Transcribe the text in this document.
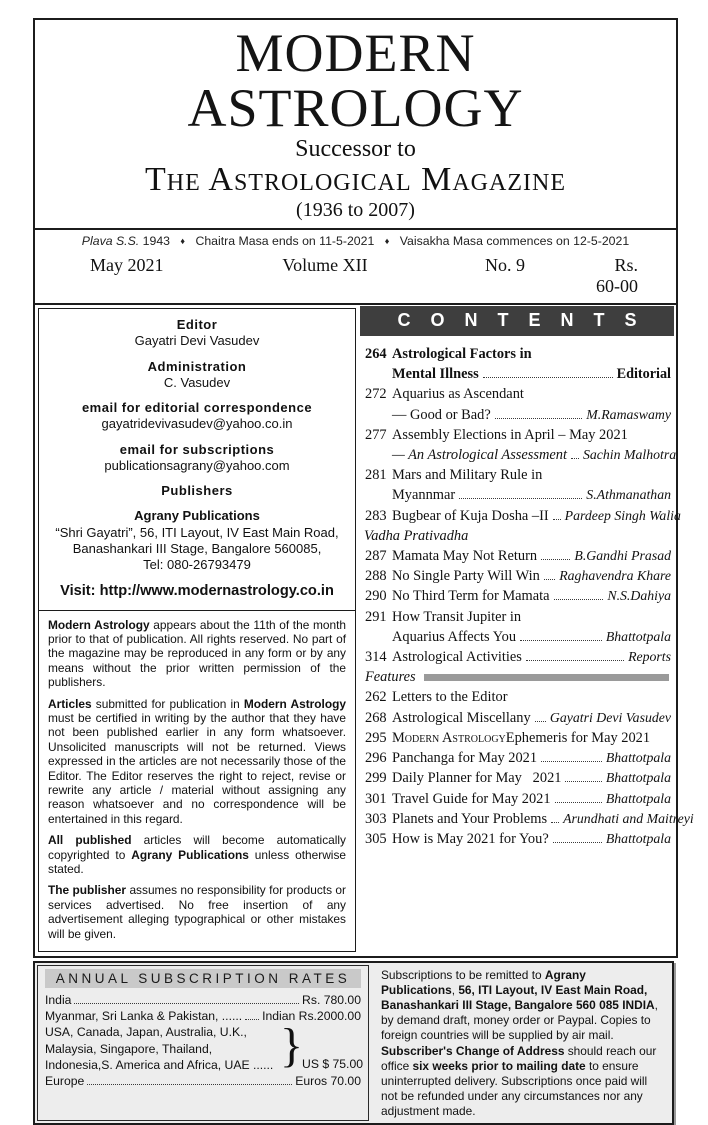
MODERN
ASTROLOGY
Successor to
The Astrological Magazine
(1936 to 2007)
Plava S.S. 1943 ♦ Chaitra Masa ends on 11-5-2021 ♦ Vaisakha Masa commences on 12-5-2021
May 2021	Volume XII	No. 9	Rs. 60-00
Editor
Gayatri Devi Vasudev
Administration
C. Vasudev
email for editorial correspondence
gayatridevivasudev@yahoo.co.in
email for subscriptions
publicationsagrany@yahoo.com
Publishers
Agrany Publications
“Shri Gayatri”, 56, ITI Layout, IV East Main Road,
Banashankari III Stage, Bangalore 560085,
Tel: 080-26793479
Visit: http://www.modernastrology.co.in

Modern Astrology appears about the 11th of the month prior to that of publication. All rights reserved. No part of the magazine may be reproduced in any form or by any means without the prior written permission of the publishers.

Articles submitted for publication in Modern Astrology must be certified in writing by the author that they have not been published earlier in any form whatsoever. Unsolicited manuscripts will not be returned. Views expressed in the articles are not necessarily those of the Editor. The Editor reserves the right to reject, revise or rewrite any article / material without assigning any reason whatsoever and no correspondence will be entertained in this regard.

All published articles will become automatically copyrighted to Agrany Publications unless otherwise stated.

The publisher assumes no responsibility for products or services advertised. No free insertion of any advertisement alleging typographical or other mistakes will be given.

CONTENTS
264 Astrological Factors in
Mental Illness	Editorial
272 Aquarius as Ascendant
— Good or Bad?	M.Ramaswamy
277 Assembly Elections in April – May 2021
— An Astrological Assessment Sachin Malhotra
281 Mars and Military Rule in
Myannmar	S.Athmanathan
283 Bugbear of Kuja Dosha –II Pardeep Singh Walia
Vadha Prativadha
287 Mamata May Not Return	B.Gandhi Prasad
288 No Single Party Will Win Raghavendra Khare
290 No Third Term for Mamata	N.S.Dahiya
291 How Transit Jupiter in
Aquarius Affects You	Bhattotpala
314 Astrological Activities	Reports
Features
262 Letters to the Editor
268 Astrological Miscellany Gayatri Devi Vasudev
295 Modern Astrology Ephemeris for May 2021
296 Panchanga for May 2021	Bhattotpala
299 Daily Planner for May   2021	Bhattotpala
301 Travel Guide for May 2021	Bhattotpala
303 Planets and Your Problems Arundhati and Maitreyi
305 How is May 2021 for You?	Bhattotpala
ANNUAL SUBSCRIPTION RATES
India	Rs. 780.00
Myanmar, Sri Lanka & Pakistan, ...... Indian Rs.2000.00
USA, Canada, Japan, Australia, U.K.,
Malaysia, Singapore, Thailand,
Indonesia,S. America and Africa, UAE ...... } US $ 75.00
Europe	Euros 70.00
Subscriptions to be remitted to Agrany Publications, 56, ITI Layout, IV East Main Road, Banashankari III Stage, Bangalore 560 085 INDIA, by demand draft, money order or Paypal. Copies to foreign countries will be supplied by air mail. Subscriber's Change of Address should reach our office six weeks prior to mailing date to ensure uninterrupted delivery. Subscriptions once paid will not be refunded under any circumstances nor any adjustment made.
